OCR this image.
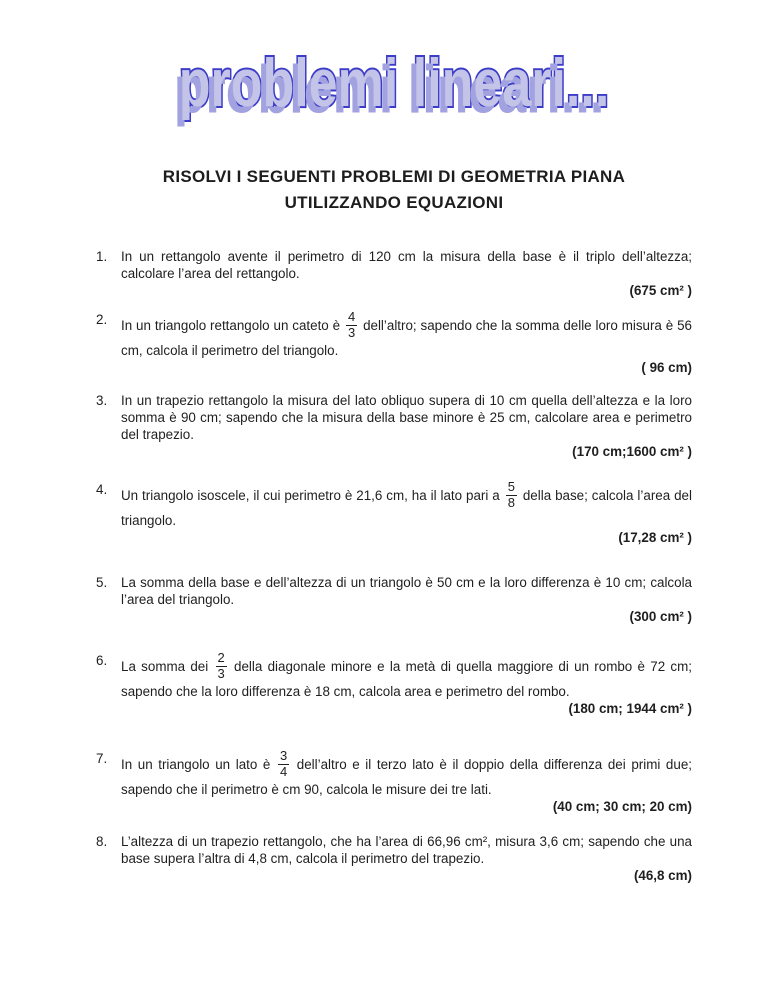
problemi lineari...
RISOLVI I SEGUENTI PROBLEMI DI GEOMETRIA PIANA
UTILIZZANDO EQUAZIONI
1.	In un rettangolo avente il perimetro di 120 cm la misura della base è il triplo dell’altezza; calcolare l’area del rettangolo.

(675 cm² )

2.	In un triangolo rettangolo un cateto è $\frac{4}{3}$ dell’altro; sapendo che la somma delle loro misura è 56 cm, calcola il perimetro del triangolo.

( 96 cm)

3.	In un trapezio rettangolo la misura del lato obliquo supera di 10 cm quella dell’altezza e la loro somma è 90 cm; sapendo che la misura della base minore è 25 cm, calcolare area e perimetro del trapezio.

(170 cm;1600 cm² )

4.	Un triangolo isoscele, il cui perimetro è 21,6 cm, ha il lato pari a $\frac{5}{8}$ della base; calcola l’area del triangolo.

(17,28 cm² )

5.	La somma della base e dell’altezza di un triangolo è 50 cm e la loro differenza è 10 cm; calcola l’area del triangolo.

(300 cm² )

6.	La somma dei $\frac{2}{3}$ della diagonale minore e la metà di quella maggiore di un rombo è 72 cm; sapendo che la loro differenza è 18 cm, calcola area e perimetro del rombo.

(180 cm; 1944 cm² )

7.	In un triangolo un lato è $\frac{3}{4}$ dell’altro e il terzo lato è il doppio della differenza dei primi due; sapendo che il perimetro è cm 90, calcola le misure dei tre lati.

(40 cm; 30 cm; 20 cm)

8.	L’altezza di un trapezio rettangolo, che ha l’area di 66,96 cm², misura 3,6 cm; sapendo che una base supera l’altra di 4,8 cm, calcola il perimetro del trapezio.

(46,8 cm)
